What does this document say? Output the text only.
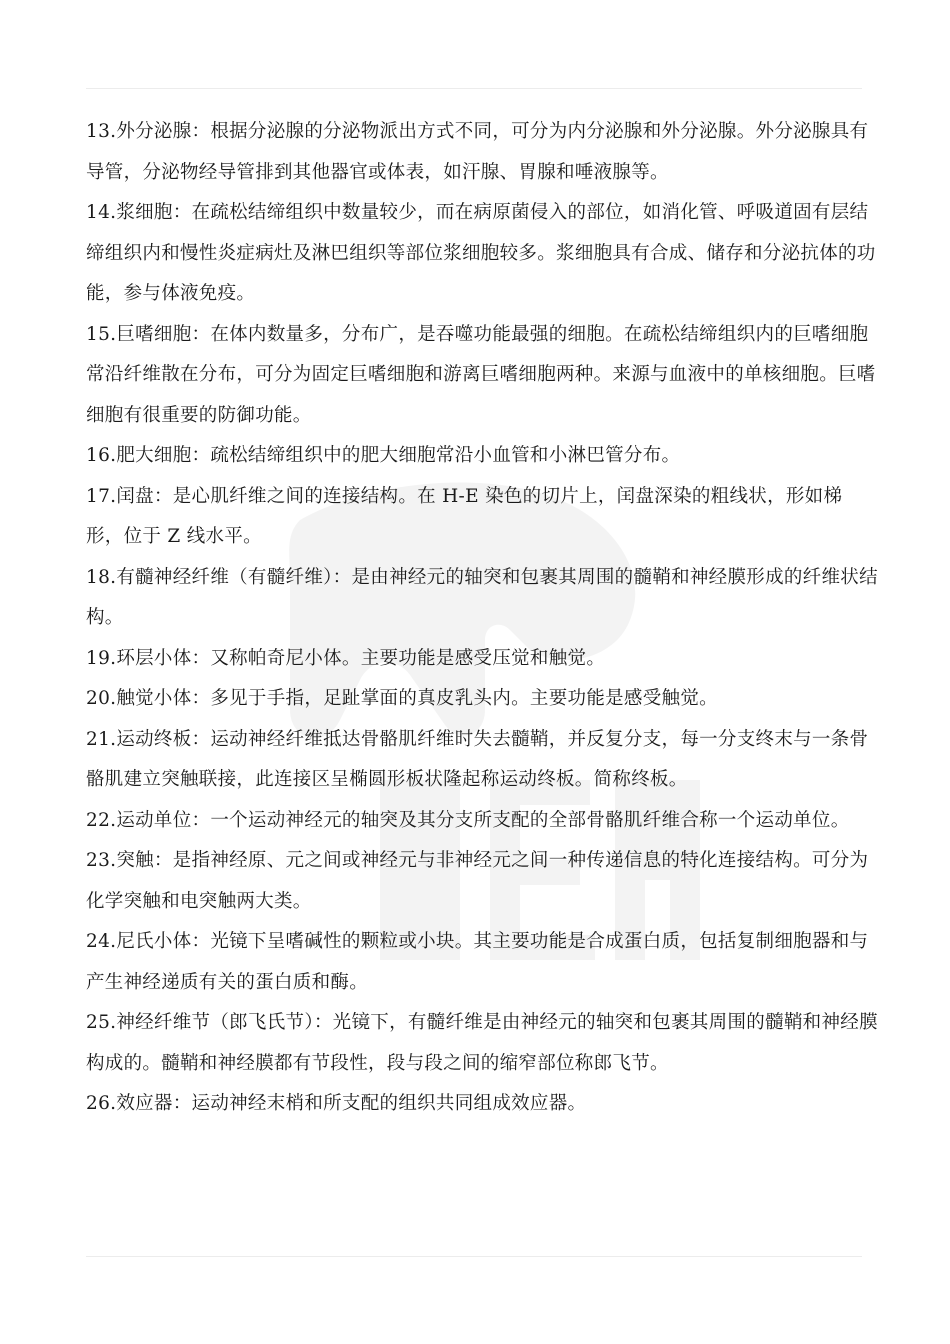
13.外分泌腺：根据分泌腺的分泌物派出方式不同，可分为内分泌腺和外分泌腺。外分泌腺具有导管，分泌物经导管排到其他器官或体表，如汗腺、胃腺和唾液腺等。

14.浆细胞：在疏松结缔组织中数量较少，而在病原菌侵入的部位，如消化管、呼吸道固有层结缔组织内和慢性炎症病灶及淋巴组织等部位浆细胞较多。浆细胞具有合成、储存和分泌抗体的功能，参与体液免疫。

15.巨嗜细胞：在体内数量多，分布广，是吞噬功能最强的细胞。在疏松结缔组织内的巨嗜细胞常沿纤维散在分布，可分为固定巨嗜细胞和游离巨嗜细胞两种。来源与血液中的单核细胞。巨嗜细胞有很重要的防御功能。

16.肥大细胞：疏松结缔组织中的肥大细胞常沿小血管和小淋巴管分布。

17.闰盘：是心肌纤维之间的连接结构。在 H-E 染色的切片上，闰盘深染的粗线状，形如梯形，位于 Z 线水平。

18.有髓神经纤维（有髓纤维）：是由神经元的轴突和包裹其周围的髓鞘和神经膜形成的纤维状结构。

19.环层小体：又称帕奇尼小体。主要功能是感受压觉和触觉。

20.触觉小体：多见于手指，足趾掌面的真皮乳头内。主要功能是感受触觉。

21.运动终板：运动神经纤维抵达骨骼肌纤维时失去髓鞘，并反复分支，每一分支终末与一条骨骼肌建立突触联接，此连接区呈椭圆形板状隆起称运动终板。简称终板。

22.运动单位：一个运动神经元的轴突及其分支所支配的全部骨骼肌纤维合称一个运动单位。

23.突触：是指神经原、元之间或神经元与非神经元之间一种传递信息的特化连接结构。可分为化学突触和电突触两大类。

24.尼氏小体：光镜下呈嗜碱性的颗粒或小块。其主要功能是合成蛋白质，包括复制细胞器和与产生神经递质有关的蛋白质和酶。

25.神经纤维节（郎飞氏节）：光镜下，有髓纤维是由神经元的轴突和包裹其周围的髓鞘和神经膜构成的。髓鞘和神经膜都有节段性，段与段之间的缩窄部位称郎飞节。

26.效应器：运动神经末梢和所支配的组织共同组成效应器。
